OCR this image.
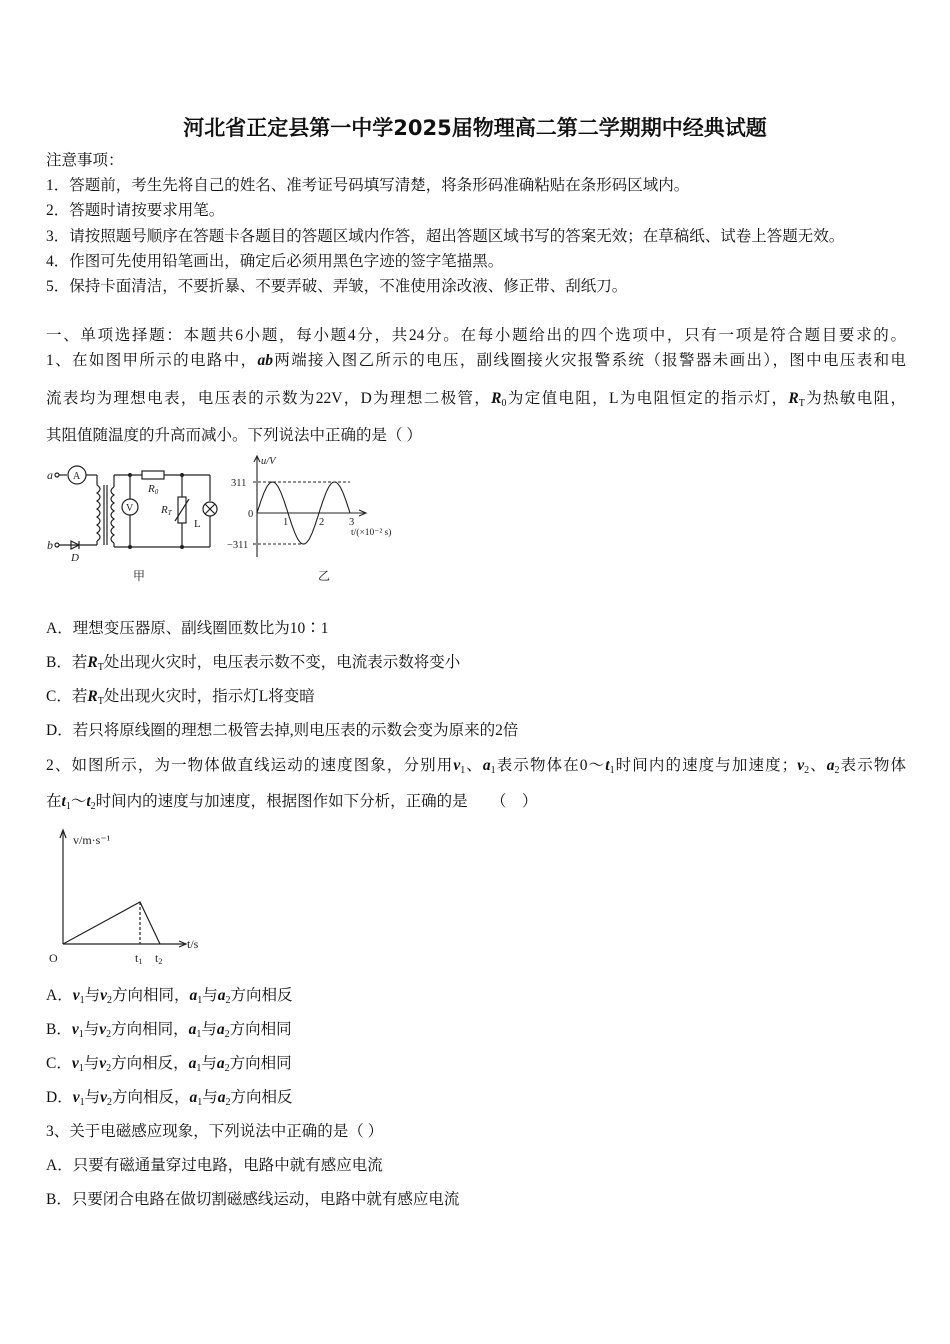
河北省正定县第一中学2025届物理高二第二学期期中经典试题
注意事项：
1．答题前，考生先将自己的姓名、准考证号码填写清楚，将条形码准确粘贴在条形码区域内。
2．答题时请按要求用笔。
3．请按照题号顺序在答题卡各题目的答题区域内作答，超出答题区域书写的答案无效；在草稿纸、试卷上答题无效。
4．作图可先使用铅笔画出，确定后必须用黑色字迹的签字笔描黑。
5．保持卡面清洁，不要折暴、不要弄破、弄皱，不准使用涂改液、修正带、刮纸刀。
一、单项选择题：本题共6小题，每小题4分，共24分。在每小题给出的四个选项中，只有一项是符合题目要求的。
1、在如图甲所示的电路中，ab两端接入图乙所示的电压，副线圈接火灾报警系统（报警器未画出），图中电压表和电
流表均为理想电表，电压表的示数为22V，D为理想二极管，$R_0$为定值电阻，L为电阻恒定的指示灯，$R_T$为热敏电阻，
其阻值随温度的升高而减小。下列说法中正确的是（ ）
A．理想变压器原、副线圈匝数比为10∶1
B．若$R_T$处出现火灾时，电压表示数不变，电流表示数将变小
C．若$R_T$处出现火灾时，指示灯L将变暗
D．若只将原线圈的理想二极管去掉,则电压表的示数会变为原来的2倍
2、如图所示，为一物体做直线运动的速度图象，分别用$v_1$、$a_1$表示物体在$0\sim t_1$时间内的速度与加速度；$v_2$、$a_2$表示物体
在$t_1\sim t_2$时间内的速度与加速度，根据图作如下分析，正确的是　　（　）
A．$v_1$与$v_2$方向相同，$a_1$与$a_2$方向相反
B．$v_1$与$v_2$方向相同，$a_1$与$a_2$方向相同
C．$v_1$与$v_2$方向相反，$a_1$与$a_2$方向相同
D．$v_1$与$v_2$方向相反，$a_1$与$a_2$方向相反
3、关于电磁感应现象，下列说法中正确的是（ ）
A．只要有磁通量穿过电路，电路中就有感应电流
B．只要闭合电路在做切割磁感线运动，电路中就有感应电流
a
b
A
V
D
R0
RT
L
甲
u/V
311
0
−311
1	2 3
t/(×10⁻² s)
乙
v/m·s⁻¹
t/s
O	t1 t2
